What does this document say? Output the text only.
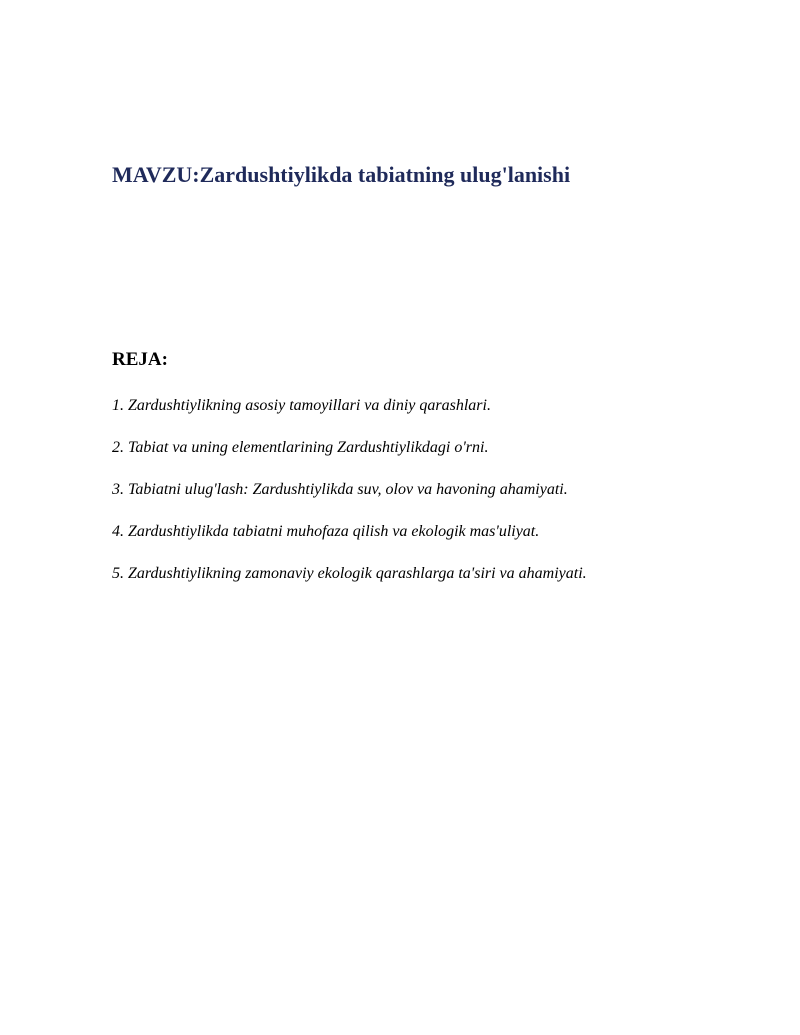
MAVZU:Zardushtiylikda tabiatning ulug'lanishi
REJA:
1. Zardushtiylikning asosiy tamoyillari va diniy qarashlari.
2. Tabiat va uning elementlarining Zardushtiylikdagi o'rni.
3. Tabiatni ulug'lash: Zardushtiylikda suv, olov va havoning ahamiyati.
4. Zardushtiylikda tabiatni muhofaza qilish va ekologik mas'uliyat.
5. Zardushtiylikning zamonaviy ekologik qarashlarga ta'siri va ahamiyati.
